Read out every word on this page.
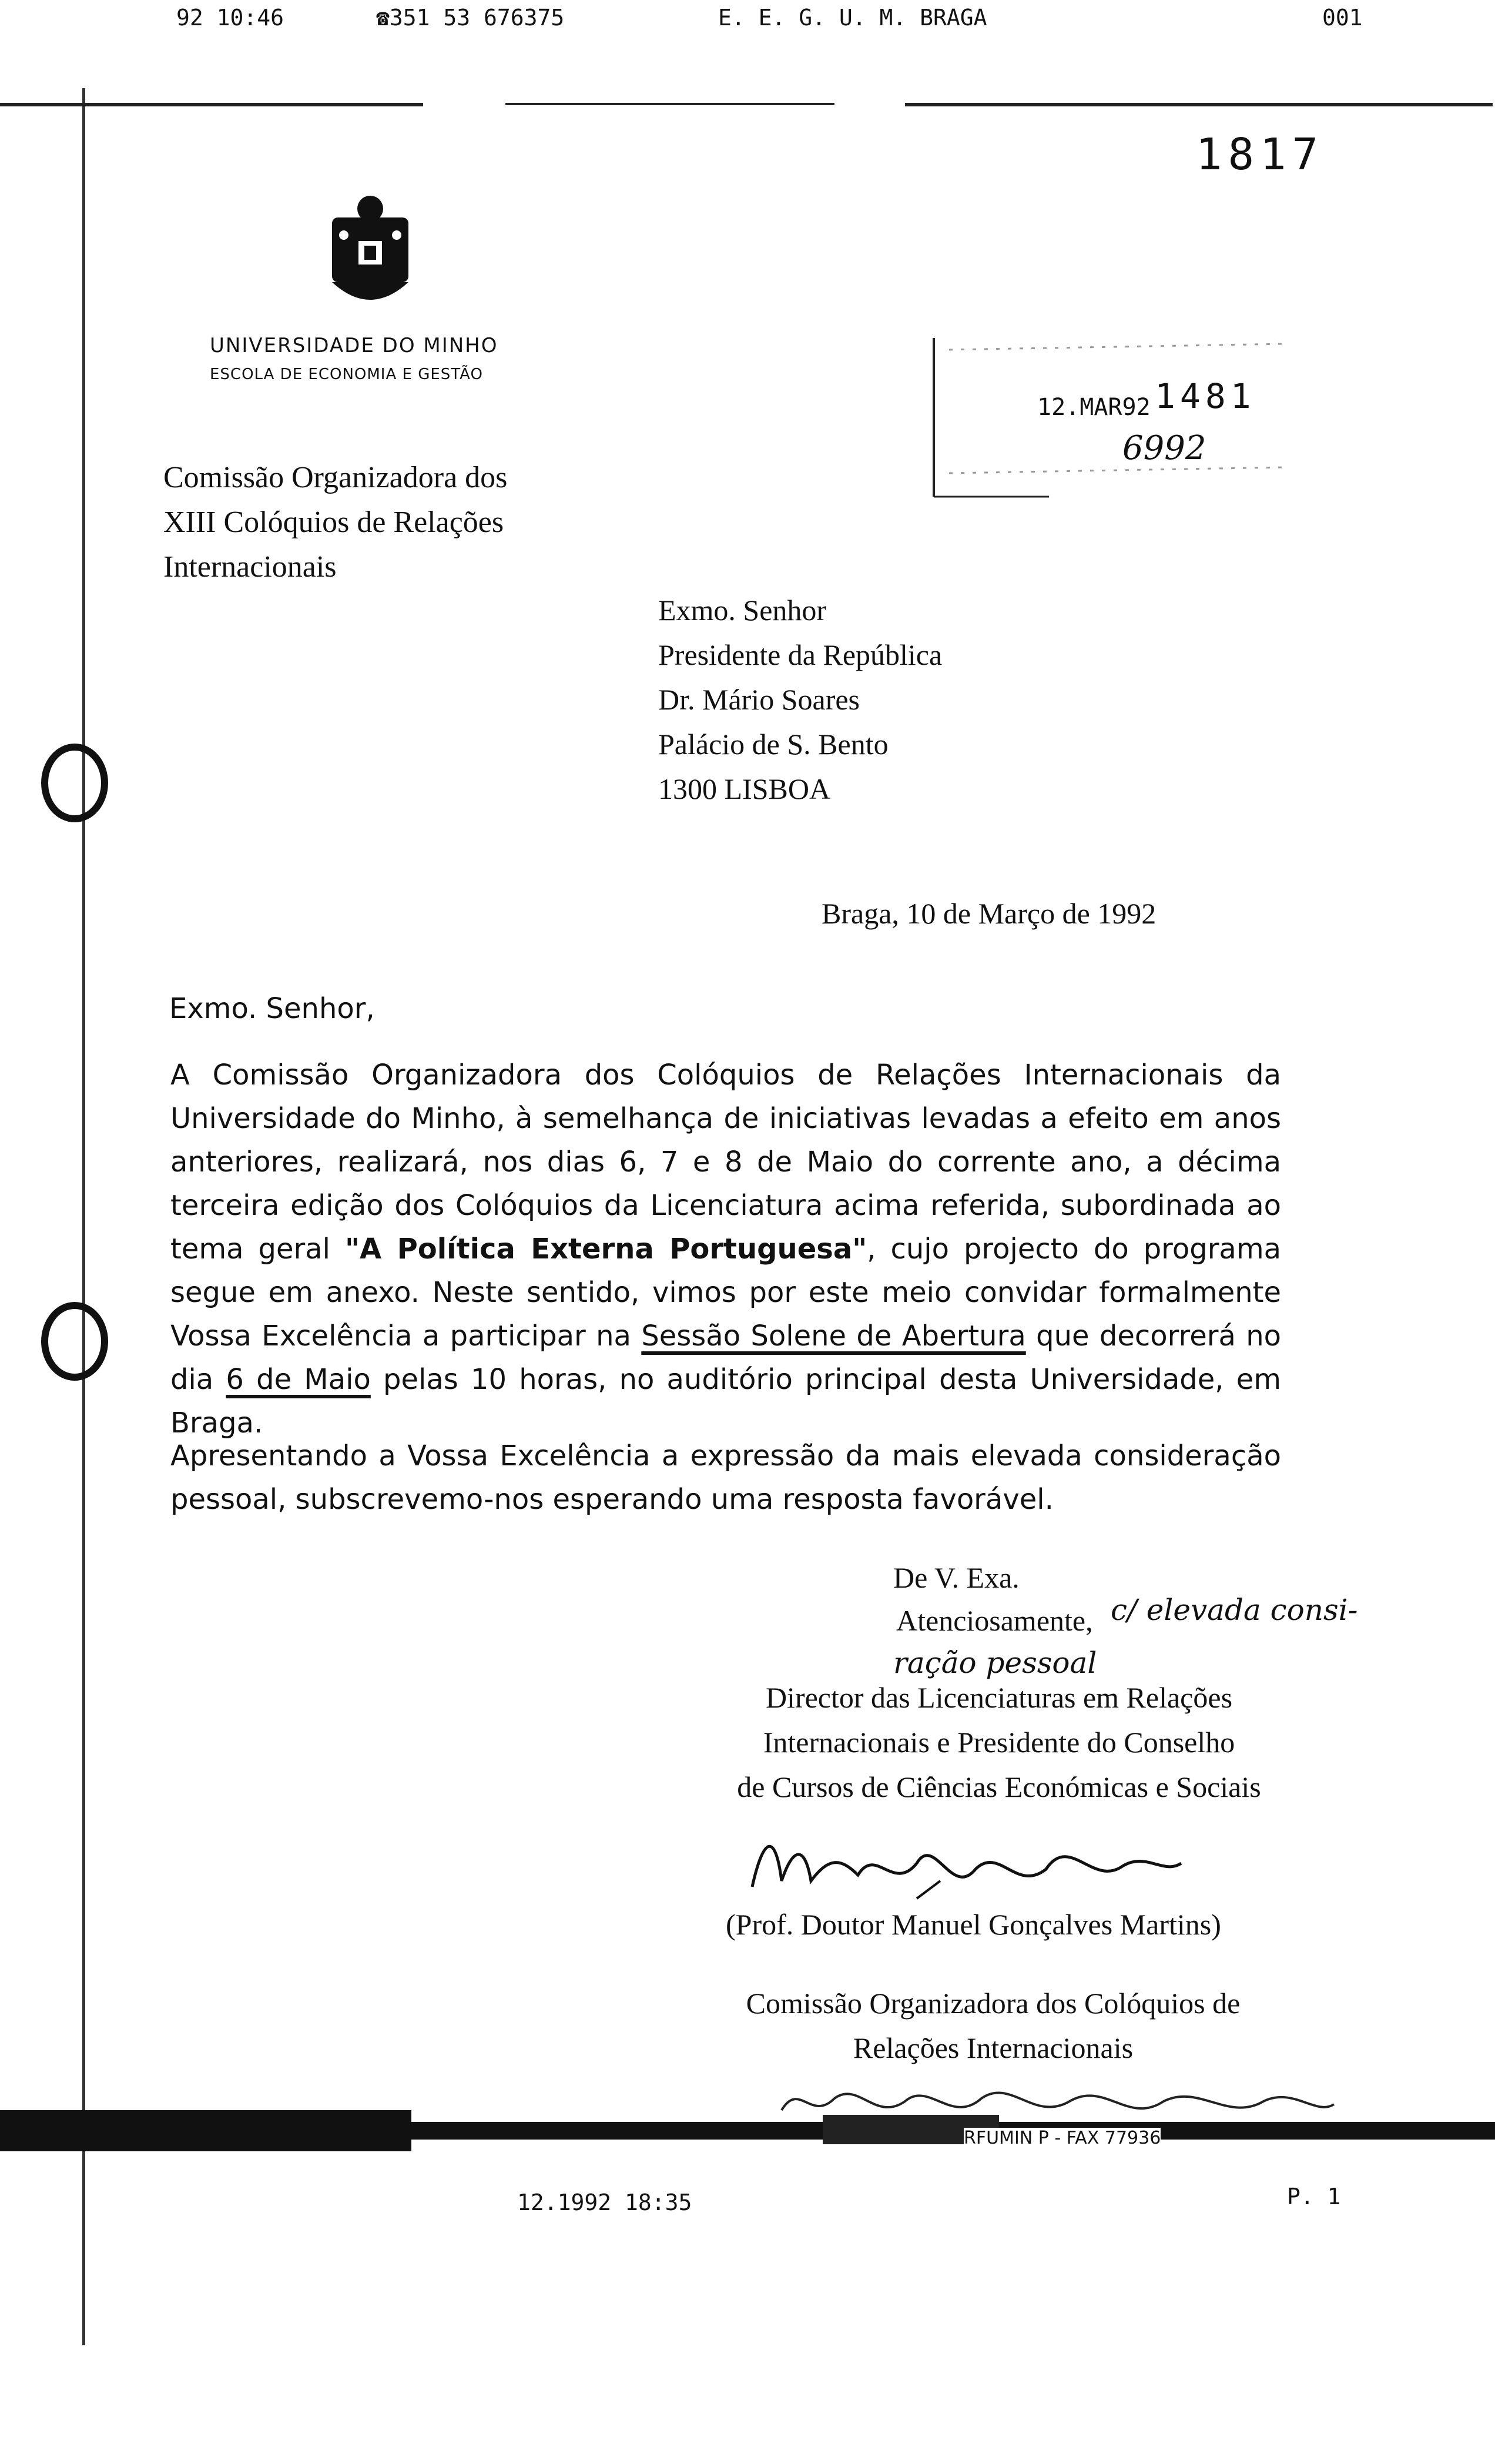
92 10:46	☎351 53 676375	E. E. G. U. M. BRAGA	001
1817
UNIVERSIDADE DO MINHO
ESCOLA DE ECONOMIA E GESTÃO
12.MAR92 1481
6992
Comissão Organizadora dos
XIII Colóquios de Relações
Internacionais
Exmo. Senhor
Presidente da República
Dr. Mário Soares
Palácio de S. Bento
1300 LISBOA
Braga, 10 de Março de 1992
Exmo. Senhor,
A Comissão Organizadora dos Colóquios de Relações Internacionais da Universidade do Minho, à semelhança de iniciativas levadas a efeito em anos anteriores, realizará, nos dias 6, 7 e 8 de Maio do corrente ano, a décima terceira edição dos Colóquios da Licenciatura acima referida, subordinada ao tema geral "A Política Externa Portuguesa", cujo projecto do programa segue em anexo. Neste sentido, vimos por este meio convidar formalmente Vossa Excelência a participar na Sessão Solene de Abertura que decorrerá no dia 6 de Maio pelas 10 horas, no auditório principal desta Universidade, em Braga.
Apresentando a Vossa Excelência a expressão da mais elevada consideração pessoal, subscrevemo-nos esperando uma resposta favorável.
De V. Exa.
Atenciosamente, c/ elevada consi-
ração pessoal
Director das Licenciaturas em Relações
Internacionais e Presidente do Conselho
de Cursos de Ciências Económicas e Sociais
(Prof. Doutor Manuel Gonçalves Martins)
Comissão Organizadora dos Colóquios de
Relações Internacionais
RFUMIN P - FAX 77936
12.1992 18:35	P. 1
